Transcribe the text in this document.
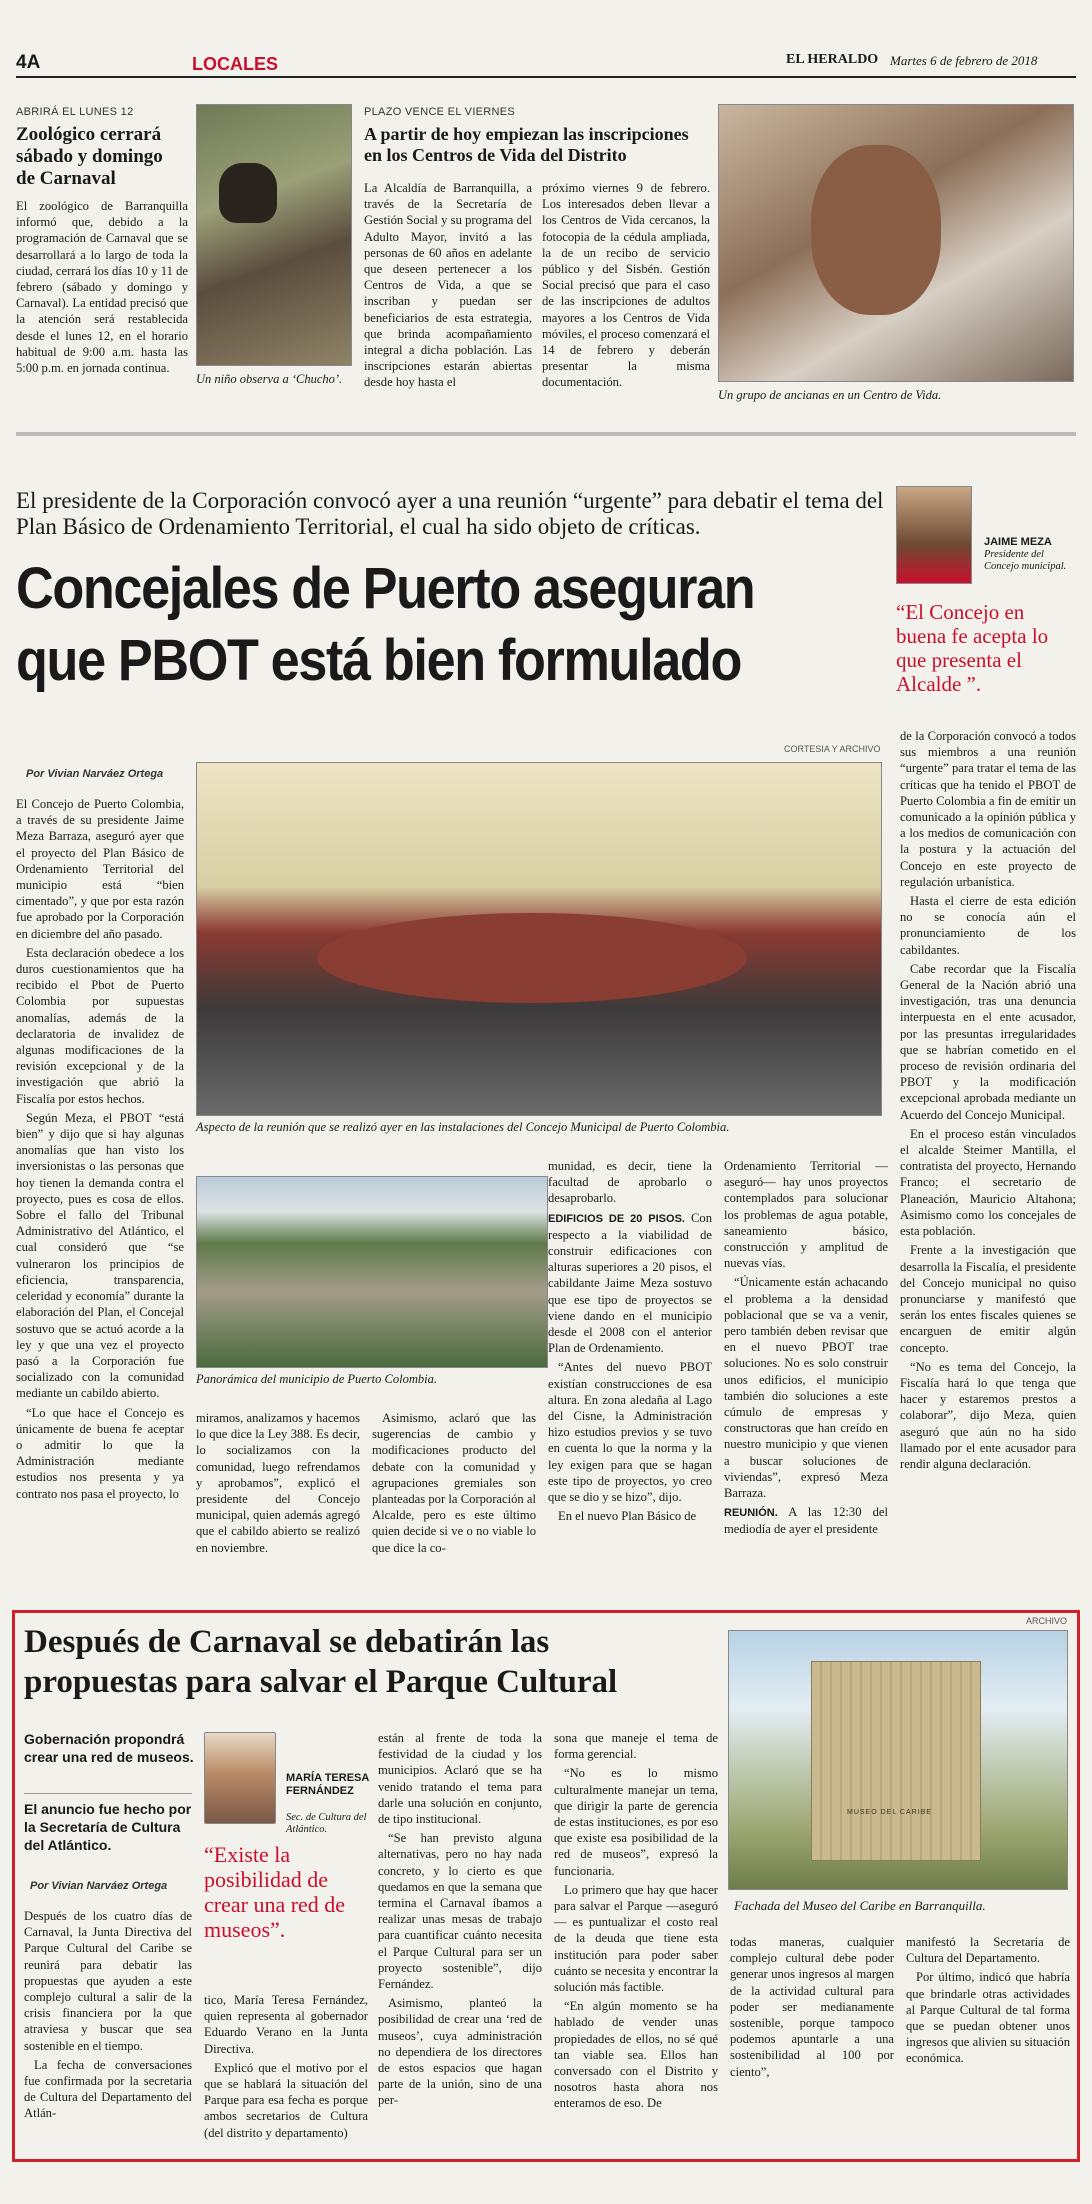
4A	LOCALES	EL HERALDO Martes 6 de febrero de 2018
ABRIRÁ EL LUNES 12
Zoológico cerrará sábado y domingo de Carnaval
El zoológico de Barranquilla informó que, debido a la programación de Carnaval que se desarrollará a lo largo de toda la ciudad, cerrará los días 10 y 11 de febrero (sábado y domingo y Carnaval). La entidad precisó que la atención será restablecida desde el lunes 12, en el horario habitual de 9:00 a.m. hasta las 5:00 p.m. en jornada continua.
Un niño observa a ‘Chucho’.
PLAZO VENCE EL VIERNES
A partir de hoy empiezan las inscripciones en los Centros de Vida del Distrito
La Alcaldía de Barranquilla, a través de la Secretaría de Gestión Social y su programa del Adulto Mayor, invitó a las personas de 60 años en adelante que deseen pertenecer a los Centros de Vida, a que se inscriban y puedan ser beneficiarios de esta estrategia, que brinda acompañamiento integral a dicha población. Las inscripciones estarán abiertas desde hoy hasta el
próximo viernes 9 de febrero. Los interesados deben llevar a los Centros de Vida cercanos, la fotocopia de la cédula ampliada, la de un recibo de servicio público y del Sisbén. Gestión Social precisó que para el caso de las inscripciones de adultos mayores a los Centros de Vida móviles, el proceso comenzará el 14 de febrero y deberán presentar la misma documentación.
Un grupo de ancianas en un Centro de Vida.
El presidente de la Corporación convocó ayer a una reunión “urgente” para debatir el tema del Plan Básico de Ordenamiento Territorial, el cual ha sido objeto de críticas.
Concejales de Puerto aseguran
que PBOT está bien formulado
JAIME MEZA
Presidente del Concejo municipal.
“El Concejo en buena fe acepta lo que presenta el Alcalde ”.
Por Vivian Narváez Ortega
CORTESIA Y ARCHIVO

El Concejo de Puerto Colombia, a través de su presidente Jaime Meza Barraza, aseguró ayer que el proyecto del Plan Básico de Ordenamiento Territorial del municipio está “bien cimentado”, y que por esta razón fue aprobado por la Corporación en diciembre del año pasado.

Esta declaración obedece a los duros cuestionamientos que ha recibido el Pbot de Puerto Colombia por supuestas anomalías, además de la declaratoria de invalidez de algunas modificaciones de la revisión excepcional y de la investigación que abrió la Fiscalía por estos hechos.

Según Meza, el PBOT “está bien” y dijo que si hay algunas anomalías que han visto los inversionistas o las personas que hoy tienen la demanda contra el proyecto, pues es cosa de ellos. Sobre el fallo del Tribunal Administrativo del Atlántico, el cual consideró que “se vulneraron los principios de eficiencia, transparencia, celeridad y economía” durante la elaboración del Plan, el Concejal sostuvo que se actuó acorde a la ley y que una vez el proyecto pasó a la Corporación fue socializado con la comunidad mediante un cabildo abierto.

“Lo que hace el Concejo es únicamente de buena fe aceptar o admitir lo que la Administración mediante estudios nos presenta y ya contrato nos pasa el proyecto, lo

Aspecto de la reunión que se realizó ayer en las instalaciones del Concejo Municipal de Puerto Colombia.
Panorámica del municipio de Puerto Colombia.

miramos, analizamos y hacemos lo que dice la Ley 388. Es decir, lo socializamos con la comunidad, luego refrendamos y aprobamos”, explicó el presidente del Concejo municipal, quien además agregó que el cabildo abierto se realizó en noviembre.

Asimismo, aclaró que las sugerencias de cambio y modificaciones producto del debate con la comunidad y agrupaciones gremiales son planteadas por la Corporación al Alcalde, pero es este último quien decide si ve o no viable lo que dice la co-

munidad, es decir, tiene la facultad de aprobarlo o desaprobarlo.

EDIFICIOS DE 20 PISOS. Con respecto a la viabilidad de construir edificaciones con alturas superiores a 20 pisos, el cabildante Jaime Meza sostuvo que ese tipo de proyectos se viene dando en el municipio desde el 2008 con el anterior Plan de Ordenamiento.

“Antes del nuevo PBOT existían construcciones de esa altura. En zona aledaña al Lago del Cisne, la Administración hizo estudios previos y se tuvo en cuenta lo que la norma y la ley exigen para que se hagan este tipo de proyectos, yo creo que se dio y se hizo”, dijo.

En el nuevo Plan Básico de

Ordenamiento Territorial —aseguró— hay unos proyectos contemplados para solucionar los problemas de agua potable, saneamiento básico, construcción y amplitud de nuevas vías.

“Únicamente están achacando el problema a la densidad poblacional que se va a venir, pero también deben revisar que en el nuevo PBOT trae soluciones. No es solo construir unos edificios, el municipio también dio soluciones a este cúmulo de empresas y constructoras que han creído en nuestro municipio y que vienen a buscar soluciones de viviendas”, expresó Meza Barraza.

REUNIÓN. A las 12:30 del mediodía de ayer el presidente

de la Corporación convocó a todos sus miembros a una reunión “urgente” para tratar el tema de las críticas que ha tenido el PBOT de Puerto Colombia a fin de emitir un comunicado a la opinión pública y a los medios de comunicación con la postura y la actuación del Concejo en este proyecto de regulación urbanística.

Hasta el cierre de esta edición no se conocía aún el pronunciamiento de los cabildantes.

Cabe recordar que la Fiscalía General de la Nación abrió una investigación, tras una denuncia interpuesta en el ente acusador, por las presuntas irregularidades que se habrían cometido en el proceso de revisión ordinaria del PBOT y la modificación excepcional aprobada mediante un Acuerdo del Concejo Municipal.

En el proceso están vinculados el alcalde Steimer Mantilla, el contratista del proyecto, Hernando Franco; el secretario de Planeación, Mauricio Altahona; Asimismo como los concejales de esta población.

Frente a la investigación que desarrolla la Fiscalía, el presidente del Concejo municipal no quiso pronunciarse y manifestó que serán los entes fiscales quienes se encarguen de emitir algún concepto.

“No es tema del Concejo, la Fiscalía hará lo que tenga que hacer y estaremos prestos a colaborar”, dijo Meza, quien aseguró que aún no ha sido llamado por el ente acusador para rendir alguna declaración.

Después de Carnaval se debatirán las
propuestas para salvar el Parque Cultural
ARCHIVO
Gobernación propondrá crear una red de museos.
El anuncio fue hecho por la Secretaría de Cultura del Atlántico.
MARÍA TERESA FERNÁNDEZ
Sec. de Cultura del Atlántico.
“Existe la posibilidad de crear una red de museos”.
Por Vivian Narváez Ortega

Después de los cuatro días de Carnaval, la Junta Directiva del Parque Cultural del Caribe se reunirá para debatir las propuestas que ayuden a este complejo cultural a salir de la crisis financiera por la que atraviesa y buscar que sea sostenible en el tiempo.

La fecha de conversaciones fue confirmada por la secretaria de Cultura del Departamento del Atlán-

tico, María Teresa Fernández, quien representa al gobernador Eduardo Verano en la Junta Directiva.

Explicó que el motivo por el que se hablará la situación del Parque para esa fecha es porque ambos secretarios de Cultura (del distrito y departamento)

están al frente de toda la festividad de la ciudad y los municipios. Aclaró que se ha venido tratando el tema para darle una solución en conjunto, de tipo institucional.

“Se han previsto alguna alternativas, pero no hay nada concreto, y lo cierto es que quedamos en que la semana que termina el Carnaval íbamos a realizar unas mesas de trabajo para cuantificar cuánto necesita el Parque Cultural para ser un proyecto sostenible”, dijo Fernández.

Asimismo, planteó la posibilidad de crear una ‘red de museos’, cuya administración no dependiera de los directores de estos espacios que hagan parte de la unión, sino de una per-

sona que maneje el tema de forma gerencial.

“No es lo mismo culturalmente manejar un tema, que dirigir la parte de gerencia de estas instituciones, es por eso que existe esa posibilidad de la red de museos”, expresó la funcionaria.

Lo primero que hay que hacer para salvar el Parque —aseguró— es puntualizar el costo real de la deuda que tiene esta institución para poder saber cuánto se necesita y encontrar la solución más factible.

“En algún momento se ha hablado de vender unas propiedades de ellos, no sé qué tan viable sea. Ellos han conversado con el Distrito y nosotros hasta ahora nos enteramos de eso. De

MUSEO DEL CARIBE
Fachada del Museo del Caribe en Barranquilla.

todas maneras, cualquier complejo cultural debe poder generar unos ingresos al margen de la actividad cultural para poder ser medianamente sostenible, porque tampoco podemos apuntarle a una sostenibilidad al 100 por ciento”,

manifestó la Secretaria de Cultura del Departamento.

Por último, indicó que habría que brindarle otras actividades al Parque Cultural de tal forma que se puedan obtener unos ingresos que alivien su situación económica.
